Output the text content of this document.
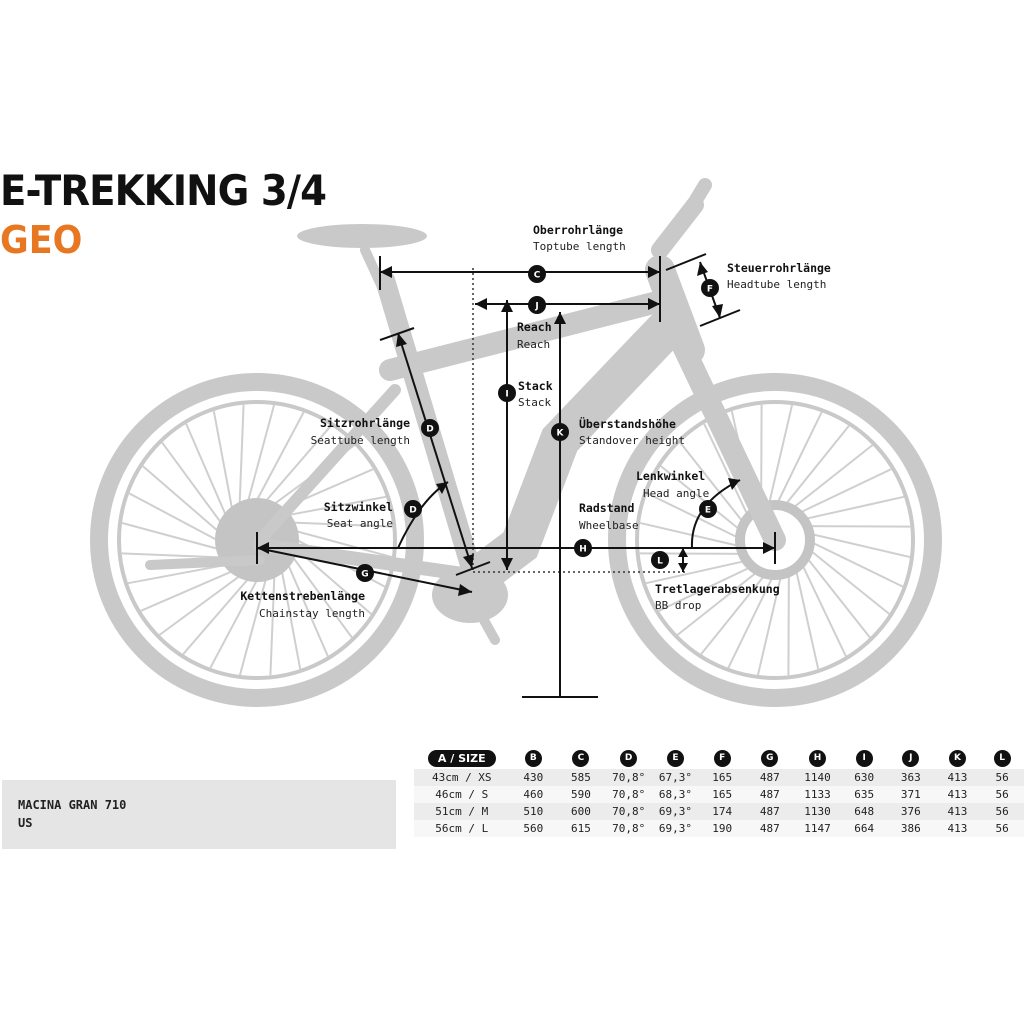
E-TREKKING 3/4
GEO
C
J
I
K
F
D
D	E
H
L
G
Oberrohrlänge
Toptube length
Steuerrohrlänge
Headtube length
Reach
Reach
Stack
Stack
Überstandshöhe
Standover height
Sitzrohrlänge
Seattube length
Lenkwinkel
Head angle
Sitzwinkel
Seat angle
Radstand
Wheelbase
Tretlagerabsenkung
BB drop
Kettenstrebenlänge
Chainstay length
MACINA GRAN 710
US
A / SIZE	B	C	D	E	F	G	H	I	J	K	L
43cm / XS	430	585	70,8°	67,3°	165	487	1140	630	363	413	56
46cm / S	460	590	70,8°	68,3°	165	487	1133	635	371	413	56
51cm / M	510	600	70,8°	69,3°	174	487	1130	648	376	413	56
56cm / L	560	615	70,8°	69,3°	190	487	1147	664	386	413	56
